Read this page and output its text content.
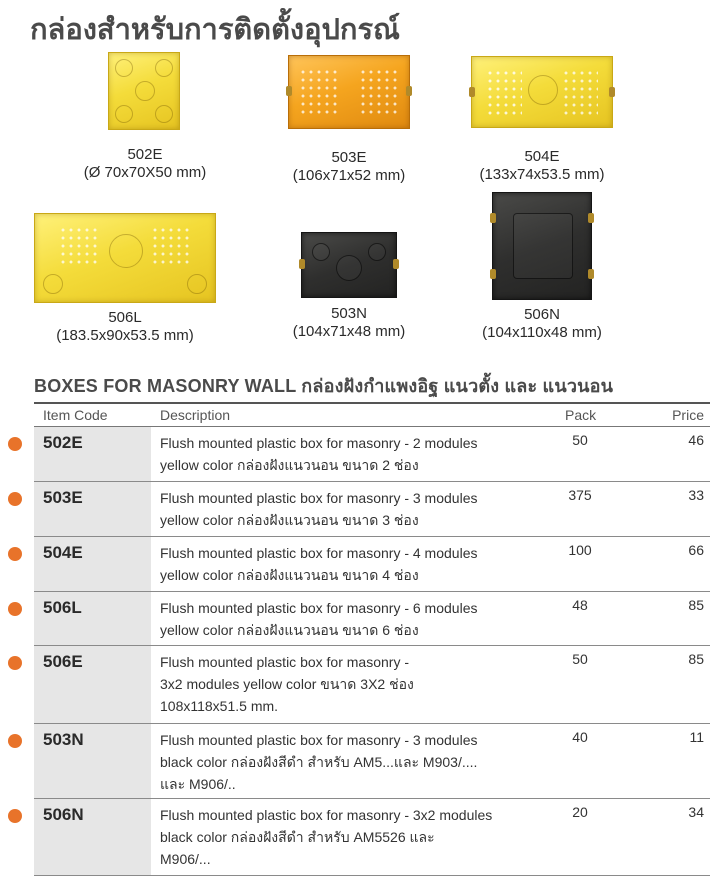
กล่องสำหรับการติดตั้งอุปกรณ์
502E
(Ø 70x70X50 mm)
503E
(106x71x52 mm)
504E
(133x74x53.5 mm)
506L
(183.5x90x53.5 mm)
503N
(104x71x48 mm)
506N
(104x110x48 mm)
BOXES FOR MASONRY WALL กล่องฝังกำแพงอิฐ แนวตั้ง และ แนวนอน
Item Code	Description	Pack	Price
502E	Flush mounted plastic box for masonry - 2 modules
yellow color กล่องฝังแนวนอน ขนาด 2 ช่อง
50	46
503E	Flush mounted plastic box for masonry - 3 modules
yellow color กล่องฝังแนวนอน ขนาด 3 ช่อง
375	33
504E	Flush mounted plastic box for masonry - 4 modules
yellow color กล่องฝังแนวนอน ขนาด 4 ช่อง
100	66
506L	Flush mounted plastic box for masonry - 6 modules
yellow color กล่องฝังแนวนอน ขนาด 6 ช่อง
48	85
506E	Flush mounted plastic box for masonry -
3x2 modules yellow color ขนาด 3X2 ช่อง
108x118x51.5 mm.
50	85
503N	Flush mounted plastic box for masonry - 3 modules
black color กล่องฝังสีดำ สำหรับ AM5...และ M903/....
และ M906/..
40	11
506N	Flush mounted plastic box for masonry - 3x2 modules
black color กล่องฝังสีดำ สำหรับ AM5526 และ
M906/...
20	34
